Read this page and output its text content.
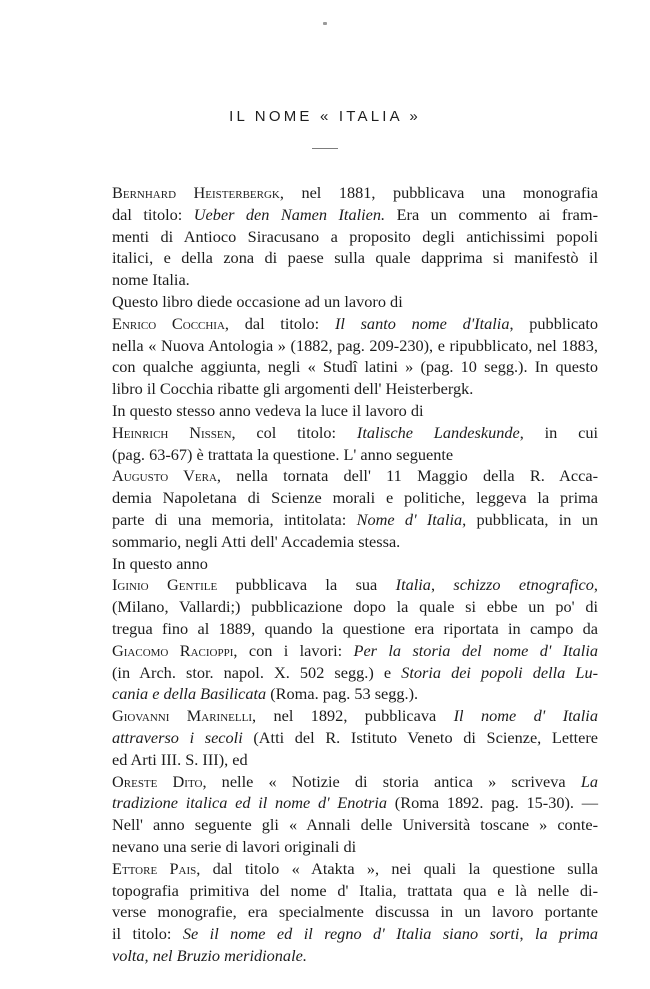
IL NOME « ITALIA »
Bernhard Heisterbergk, nel 1881, pubblicava una monografia
dal titolo: Ueber den Namen Italien. Era un commento ai fram-
menti di Antioco Siracusano a proposito degli antichissimi popoli
italici, e della zona di paese sulla quale dapprima si manifestò il
nome Italia.
Questo libro diede occasione ad un lavoro di
Enrico Cocchia, dal titolo: Il santo nome d'Italia, pubblicato
nella « Nuova Antologia » (1882, pag. 209-230), e ripubblicato, nel 1883,
con qualche aggiunta, negli « Studî latini » (pag. 10 segg.). In questo
libro il Cocchia ribatte gli argomenti dell' Heisterbergk.
In questo stesso anno vedeva la luce il lavoro di
Heinrich Nissen, col titolo: Italische Landeskunde, in cui
(pag. 63-67) è trattata la questione. L' anno seguente
Augusto Vera, nella tornata dell' 11 Maggio della R. Acca-
demia Napoletana di Scienze morali e politiche, leggeva la prima
parte di una memoria, intitolata: Nome d' Italia, pubblicata, in un
sommario, negli Atti dell' Accademia stessa.
In questo anno
Iginio Gentile pubblicava la sua Italia, schizzo etnografico,
(Milano, Vallardi;) pubblicazione dopo la quale si ebbe un po' di
tregua fino al 1889, quando la questione era riportata in campo da
Giacomo Racioppi, con i lavori: Per la storia del nome d' Italia
(in Arch. stor. napol. X. 502 segg.) e Storia dei popoli della Lu-
cania e della Basilicata (Roma. pag. 53 segg.).
Giovanni Marinelli, nel 1892, pubblicava Il nome d' Italia
attraverso i secoli (Atti del R. Istituto Veneto di Scienze, Lettere
ed Arti III. S. III), ed
Oreste Dito, nelle « Notizie di storia antica » scriveva La
tradizione italica ed il nome d' Enotria (Roma 1892. pag. 15-30). —
Nell' anno seguente gli « Annali delle Università toscane » conte-
nevano una serie di lavori originali di
Ettore Pais, dal titolo « Atakta », nei quali la questione sulla
topografia primitiva del nome d' Italia, trattata qua e là nelle di-
verse monografie, era specialmente discussa in un lavoro portante
il titolo: Se il nome ed il regno d' Italia siano sorti, la prima
volta, nel Bruzio meridionale.
